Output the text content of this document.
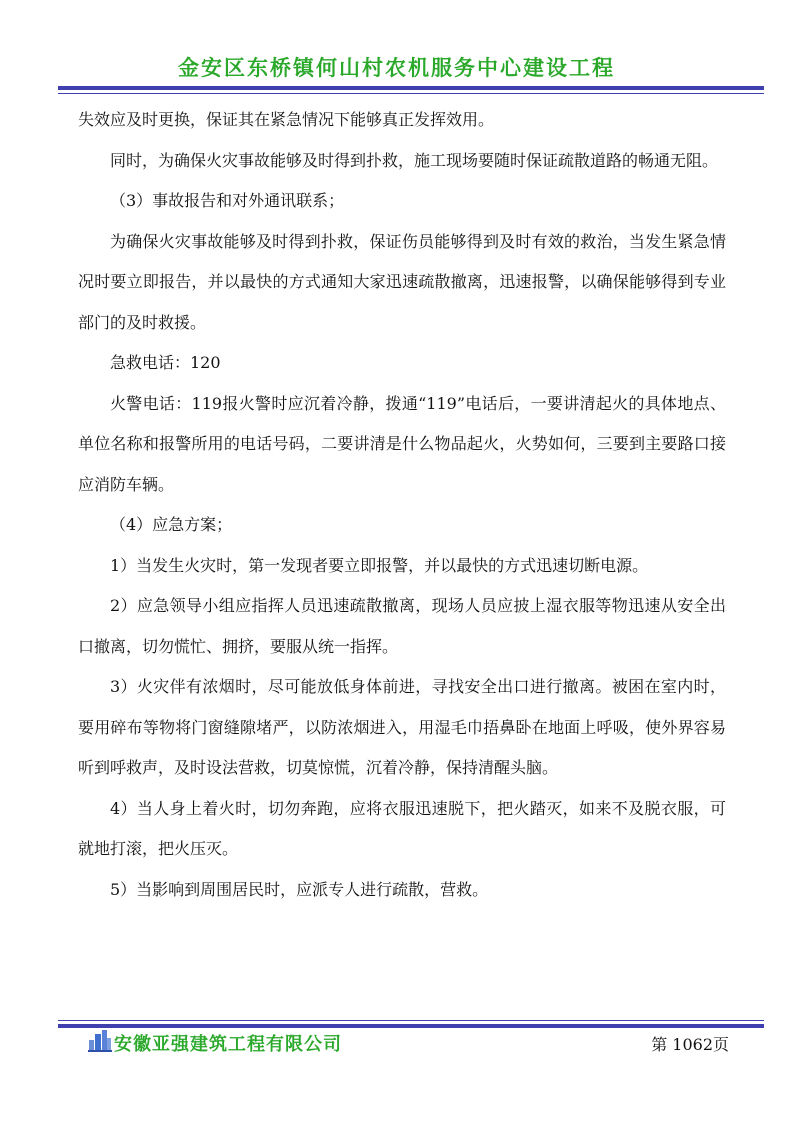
金安区东桥镇何山村农机服务中心建设工程

失效应及时更换，保证其在紧急情况下能够真正发挥效用。

同时，为确保火灾事故能够及时得到扑救，施工现场要随时保证疏散道路的畅通无阻。

（3）事故报告和对外通讯联系；

为确保火灾事故能够及时得到扑救，保证伤员能够得到及时有效的救治，当发生紧急情况时要立即报告，并以最快的方式通知大家迅速疏散撤离，迅速报警，以确保能够得到专业部门的及时救援。

急救电话：120

火警电话：119报火警时应沉着冷静，拨通“119”电话后，一要讲清起火的具体地点、单位名称和报警所用的电话号码，二要讲清是什么物品起火，火势如何，三要到主要路口接应消防车辆。

（4）应急方案；

1）当发生火灾时，第一发现者要立即报警，并以最快的方式迅速切断电源。

2）应急领导小组应指挥人员迅速疏散撤离，现场人员应披上湿衣服等物迅速从安全出口撤离，切勿慌忙、拥挤，要服从统一指挥。

3）火灾伴有浓烟时，尽可能放低身体前进，寻找安全出口进行撤离。被困在室内时，要用碎布等物将门窗缝隙堵严，以防浓烟进入，用湿毛巾捂鼻卧在地面上呼吸，使外界容易听到呼救声，及时设法营救，切莫惊慌，沉着冷静，保持清醒头脑。

4）当人身上着火时，切勿奔跑，应将衣服迅速脱下，把火踏灭，如来不及脱衣服，可就地打滚，把火压灭。

5）当影响到周围居民时，应派专人进行疏散，营救。

安徽亚强建筑工程有限公司	第 1062页
